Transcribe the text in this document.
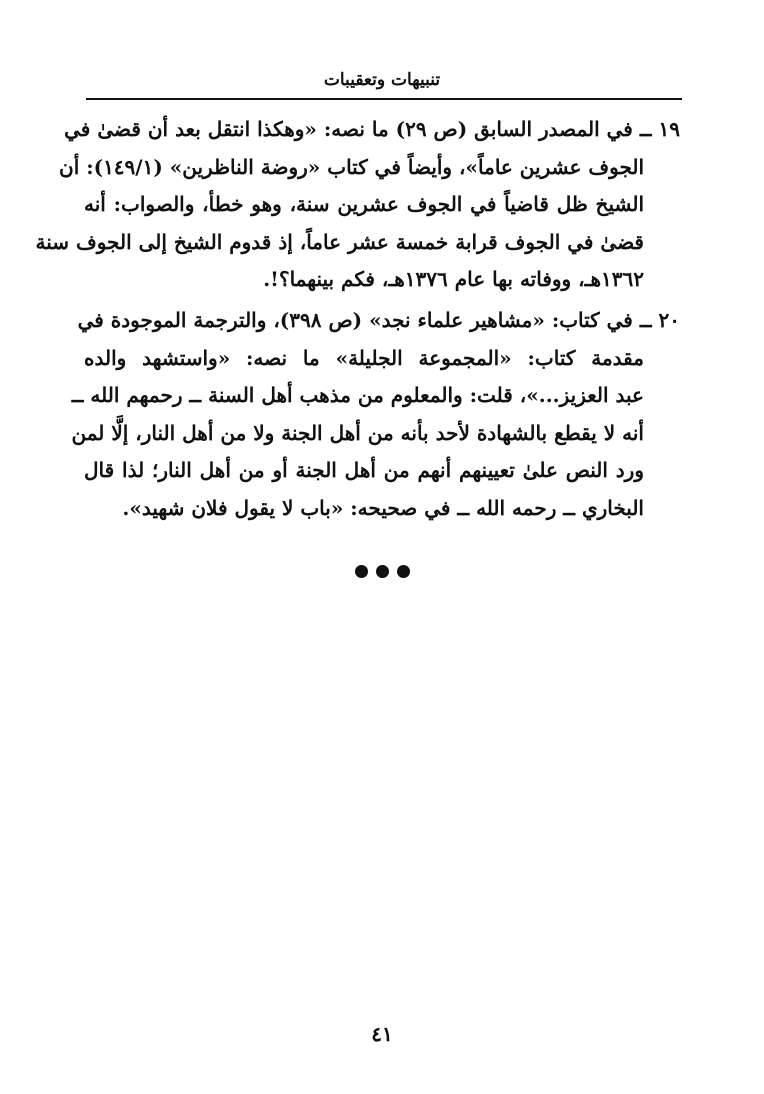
تنبيهات وتعقيبات
١٩ ــ في المصدر السابق (ص ٢٩) ما نصه: «وهكذا انتقل بعد أن قضىٰ في
الجوف عشرين عاماً»، وأيضاً في كتاب «روضة الناظرين» (١٤٩/١): أن
الشيخ ظل قاضياً في الجوف عشرين سنة، وهو خطأ، والصواب: أنه
قضىٰ في الجوف قرابة خمسة عشر عاماً، إذ قدوم الشيخ إلى الجوف سنة
١٣٦٢هـ، ووفاته بها عام ١٣٧٦هـ، فكم بينهما؟!.
٢٠ ــ في كتاب: «مشاهير علماء نجد» (ص ٣٩٨)، والترجمة الموجودة في
مقدمة كتاب: «المجموعة الجليلة» ما نصه: «واستشهد والده
عبد العزيز...»، قلت: والمعلوم من مذهب أهل السنة ــ رحمهم الله ــ
أنه لا يقطع بالشهادة لأحد بأنه من أهل الجنة ولا من أهل النار، إلَّا لمن
ورد النص علىٰ تعيينهم أنهم من أهل الجنة أو من أهل النار؛ لذا قال
البخاري ــ رحمه الله ــ في صحيحه: «باب لا يقول فلان شهيد».

٤١
